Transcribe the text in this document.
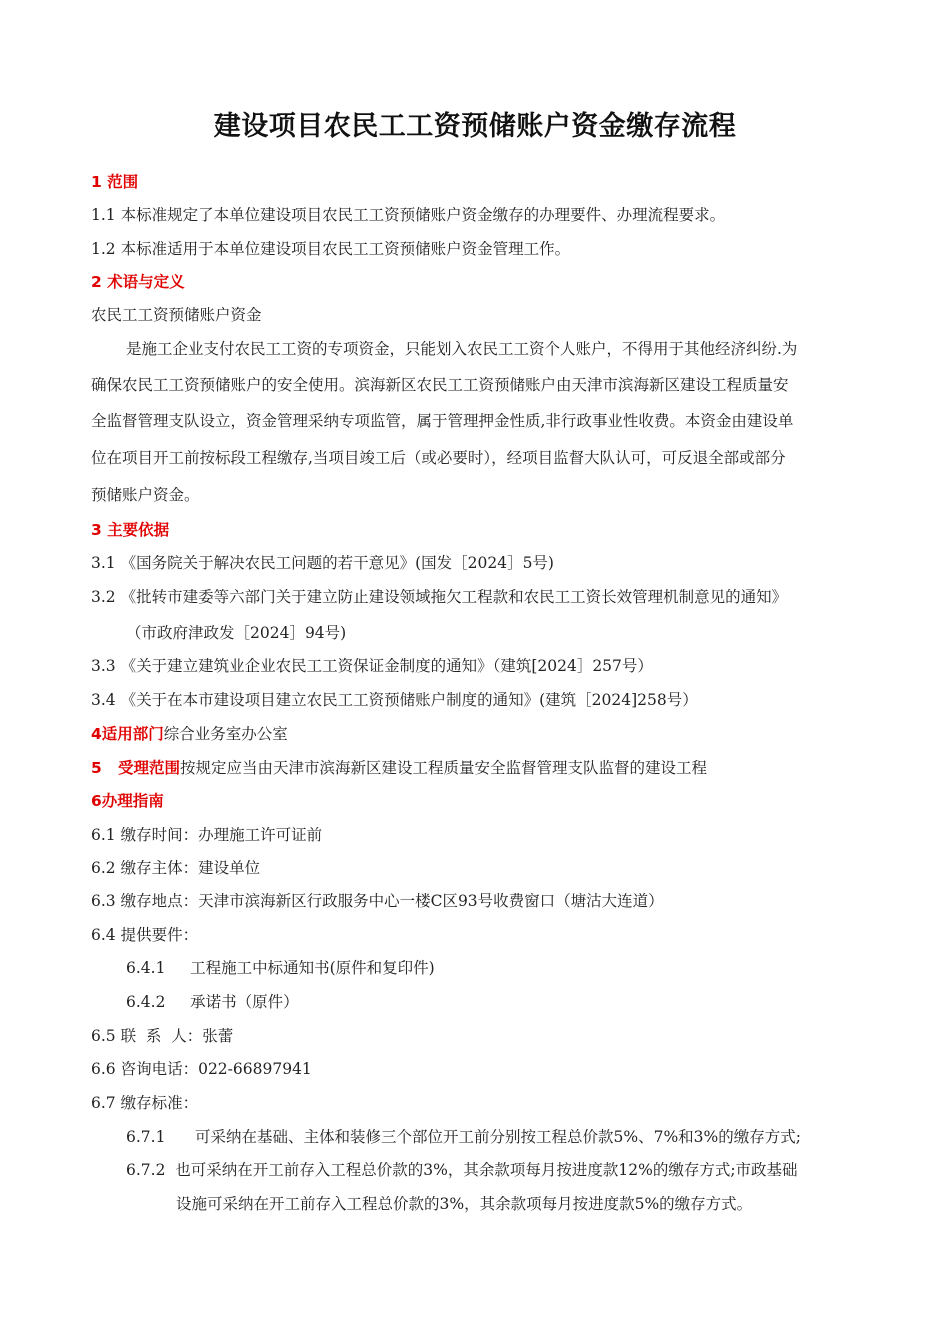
建设项目农民工工资预储账户资金缴存流程
1 范围
1.1 本标准规定了本单位建设项目农民工工资预储账户资金缴存的办理要件、办理流程要求。
1.2 本标准适用于本单位建设项目农民工工资预储账户资金管理工作。
2 术语与定义
农民工工资预储账户资金
是施工企业支付农民工工资的专项资金，只能划入农民工工资个人账户，不得用于其他经济纠纷.为
确保农民工工资预储账户的安全使用。滨海新区农民工工资预储账户由天津市滨海新区建设工程质量安
全监督管理支队设立，资金管理采纳专项监管，属于管理押金性质,非行政事业性收费。本资金由建设单
位在项目开工前按标段工程缴存,当项目竣工后（或必要时），经项目监督大队认可，可反退全部或部分
预储账户资金。
3 主要依据
3.1 《国务院关于解决农民工问题的若干意见》(国发［2024］5号)
3.2 《批转市建委等六部门关于建立防止建设领域拖欠工程款和农民工工资长效管理机制意见的通知》
（市政府津政发［2024］94号)
3.3 《关于建立建筑业企业农民工工资保证金制度的通知》（建筑[2024］257号）
3.4 《关于在本市建设项目建立农民工工资预储账户制度的通知》(建筑［2024]258号）
4适用部门综合业务室办公室
5   受理范围按规定应当由天津市滨海新区建设工程质量安全监督管理支队监督的建设工程
6办理指南
6.1 缴存时间：办理施工许可证前
6.2 缴存主体：建设单位
6.3 缴存地点：天津市滨海新区行政服务中心一楼C区93号收费窗口（塘沽大连道）
6.4 提供要件：
6.4.1     工程施工中标通知书(原件和复印件)
6.4.2     承诺书（原件）
6.5 联  系  人：张蕾
6.6 咨询电话：022-66897941
6.7 缴存标准：
6.7.1      可采纳在基础、主体和装修三个部位开工前分别按工程总价款5%、7%和3%的缴存方式;
6.7.2  也可采纳在开工前存入工程总价款的3%，其余款项每月按进度款12%的缴存方式;市政基础
设施可采纳在开工前存入工程总价款的3%，其余款项每月按进度款5%的缴存方式。
